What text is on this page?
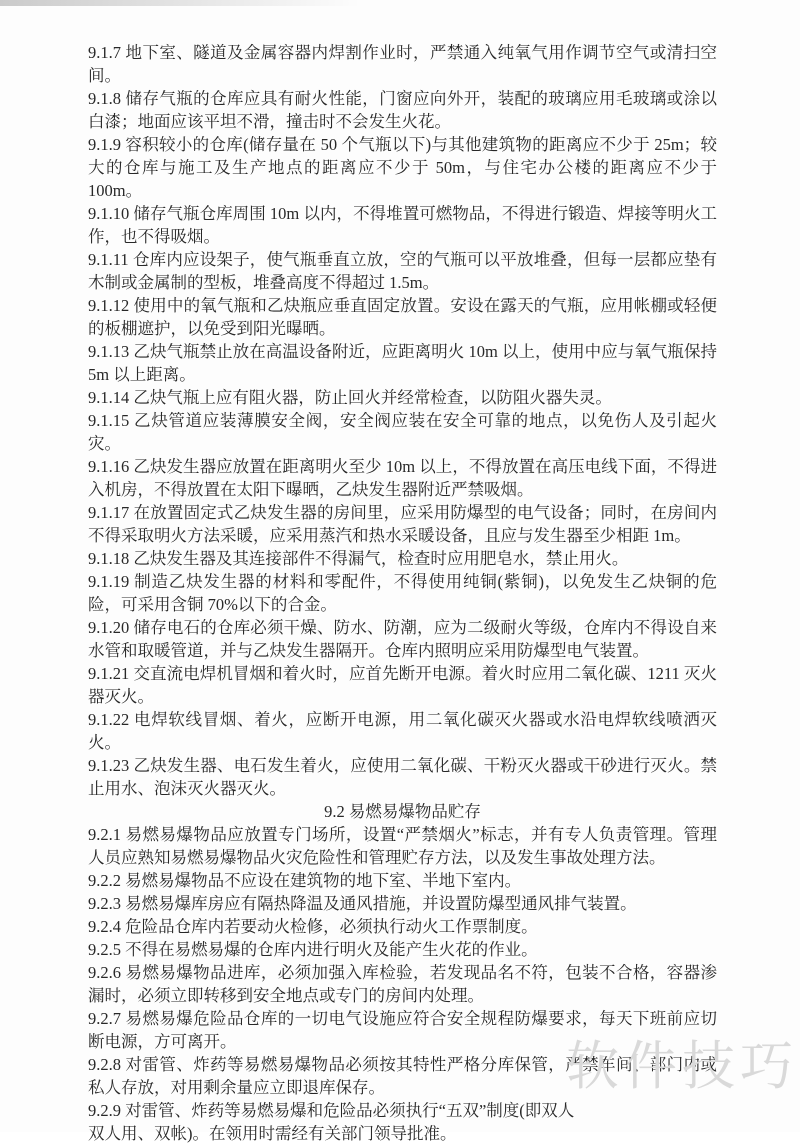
9.1.7 地下室、隧道及金属容器内焊割作业时，严禁通入纯氧气用作调节空气或清扫空间。

9.1.8 储存气瓶的仓库应具有耐火性能，门窗应向外开，装配的玻璃应用毛玻璃或涂以白漆；地面应该平坦不滑，撞击时不会发生火花。

9.1.9 容积较小的仓库(储存量在 50 个气瓶以下)与其他建筑物的距离应不少于 25m；较大的仓库与施工及生产地点的距离应不少于 50m，与住宅办公楼的距离应不少于 100m。

9.1.10 储存气瓶仓库周围 10m 以内，不得堆置可燃物品，不得进行锻造、焊接等明火工作，也不得吸烟。

9.1.11 仓库内应设架子，使气瓶垂直立放，空的气瓶可以平放堆叠，但每一层都应垫有木制或金属制的型板，堆叠高度不得超过 1.5m。

9.1.12 使用中的氧气瓶和乙炔瓶应垂直固定放置。安设在露天的气瓶，应用帐棚或轻便的板棚遮护，以免受到阳光曝晒。

9.1.13 乙炔气瓶禁止放在高温设备附近，应距离明火 10m 以上，使用中应与氧气瓶保持 5m 以上距离。

9.1.14 乙炔气瓶上应有阻火器，防止回火并经常检查，以防阻火器失灵。

9.1.15 乙炔管道应装薄膜安全阀，安全阀应装在安全可靠的地点，以免伤人及引起火灾。

9.1.16 乙炔发生器应放置在距离明火至少 10m 以上，不得放置在高压电线下面，不得进入机房，不得放置在太阳下曝晒，乙炔发生器附近严禁吸烟。

9.1.17 在放置固定式乙炔发生器的房间里，应采用防爆型的电气设备；同时，在房间内不得采取明火方法采暖，应采用蒸汽和热水采暖设备，且应与发生器至少相距 1m。

9.1.18 乙炔发生器及其连接部件不得漏气，检查时应用肥皂水，禁止用火。

9.1.19 制造乙炔发生器的材料和零配件，不得使用纯铜(紫铜)，以免发生乙炔铜的危险，可采用含铜 70%以下的合金。

9.1.20 储存电石的仓库必须干燥、防水、防潮，应为二级耐火等级，仓库内不得设自来水管和取暖管道，并与乙炔发生器隔开。仓库内照明应采用防爆型电气装置。

9.1.21 交直流电焊机冒烟和着火时，应首先断开电源。着火时应用二氧化碳、1211 灭火器灭火。

9.1.22 电焊软线冒烟、着火，应断开电源，用二氧化碳灭火器或水沿电焊软线喷洒灭火。

9.1.23 乙炔发生器、电石发生着火，应使用二氧化碳、干粉灭火器或干砂进行灭火。禁止用水、泡沫灭火器灭火。

9.2 易燃易爆物品贮存

9.2.1 易燃易爆物品应放置专门场所，设置“严禁烟火”标志，并有专人负责管理。管理人员应熟知易燃易爆物品火灾危险性和管理贮存方法，以及发生事故处理方法。

9.2.2 易燃易爆物品不应设在建筑物的地下室、半地下室内。

9.2.3 易燃易爆库房应有隔热降温及通风措施，并设置防爆型通风排气装置。

9.2.4 危险品仓库内若要动火检修，必须执行动火工作票制度。

9.2.5 不得在易燃易爆的仓库内进行明火及能产生火花的作业。

9.2.6 易燃易爆物品进库，必须加强入库检验，若发现品名不符，包装不合格，容器渗漏时，必须立即转移到安全地点或专门的房间内处理。

9.2.7 易燃易爆危险品仓库的一切电气设施应符合安全规程防爆要求，每天下班前应切断电源，方可离开。

9.2.8 对雷管、炸药等易燃易爆物品必须按其特性严格分库保管，严禁车间、部门内或私人存放，对用剩余量应立即退库保存。

9.2.9 对雷管、炸药等易燃易爆和危险品必须执行“五双”制度(即双人
双人用、双帐)。在领用时需经有关部门领导批准。

软件技巧
